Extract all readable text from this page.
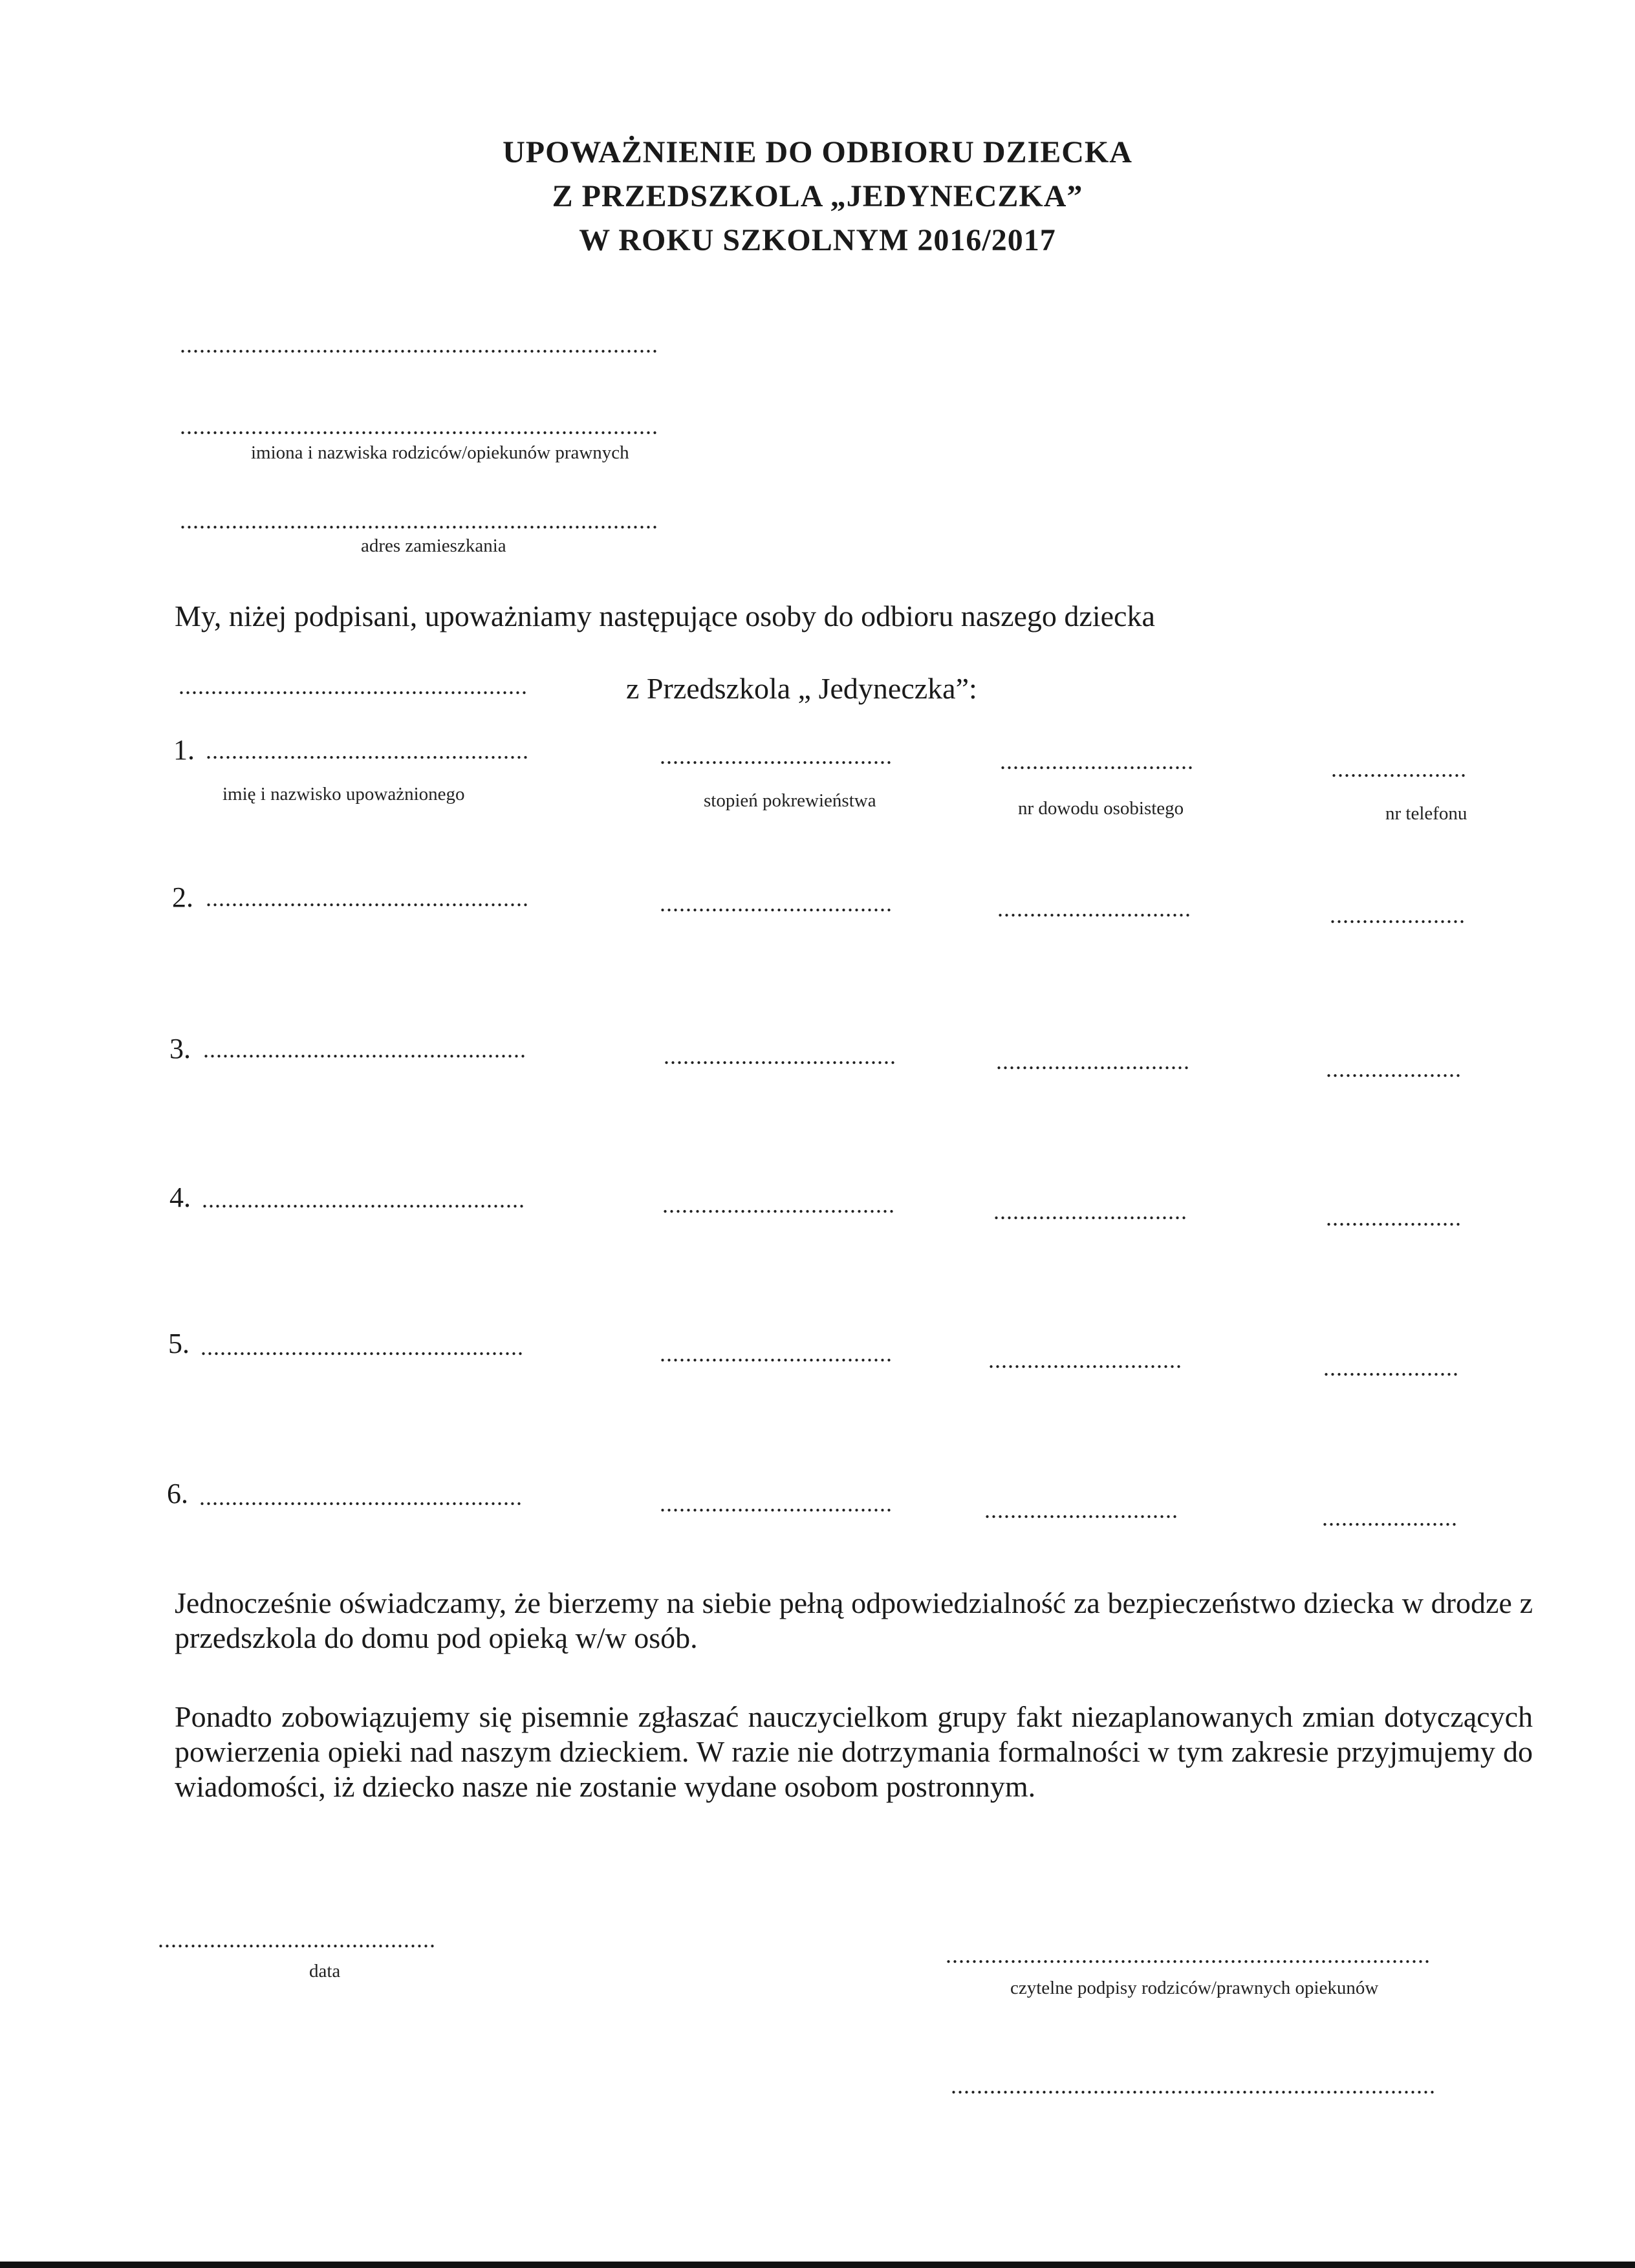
UPOWAŻNIENIE DO ODBIORU DZIECKA
Z PRZEDSZKOLA „JEDYNECZKA”
W ROKU SZKOLNYM 2016/2017
..........................................................................
..........................................................................
imiona i nazwiska rodziców/opiekunów prawnych
..........................................................................
adres zamieszkania
My, niżej podpisani, upoważniamy następujące osoby do odbioru naszego dziecka
......................................................	z Przedszkola „ Jedyneczka”:
1. ..................................................	....................................	..............................	.....................
imię i nazwisko upoważnionego	stopień pokrewieństwa	nr dowodu osobistego	nr telefonu
2. ..................................................	....................................	..............................	.....................
3. ..................................................	....................................	..............................	.....................
4. ..................................................	....................................	..............................	.....................
5. ..................................................	....................................	..............................	.....................
6. ..................................................	....................................	..............................	.....................
Jednocześnie oświadczamy, że bierzemy na siebie pełną odpowiedzialność za bezpieczeństwo dziecka w drodze z przedszkola do domu pod opieką w/w osób.
Ponadto zobowiązujemy się pisemnie zgłaszać nauczycielkom grupy fakt niezaplanowanych zmian dotyczących powierzenia opieki nad naszym dzieckiem. W razie nie dotrzymania formalności w tym zakresie przyjmujemy do wiadomości, iż dziecko nasze nie zostanie wydane osobom postronnym.
...........................................
data
...........................................................................
czytelne podpisy rodziców/prawnych opiekunów
...........................................................................
